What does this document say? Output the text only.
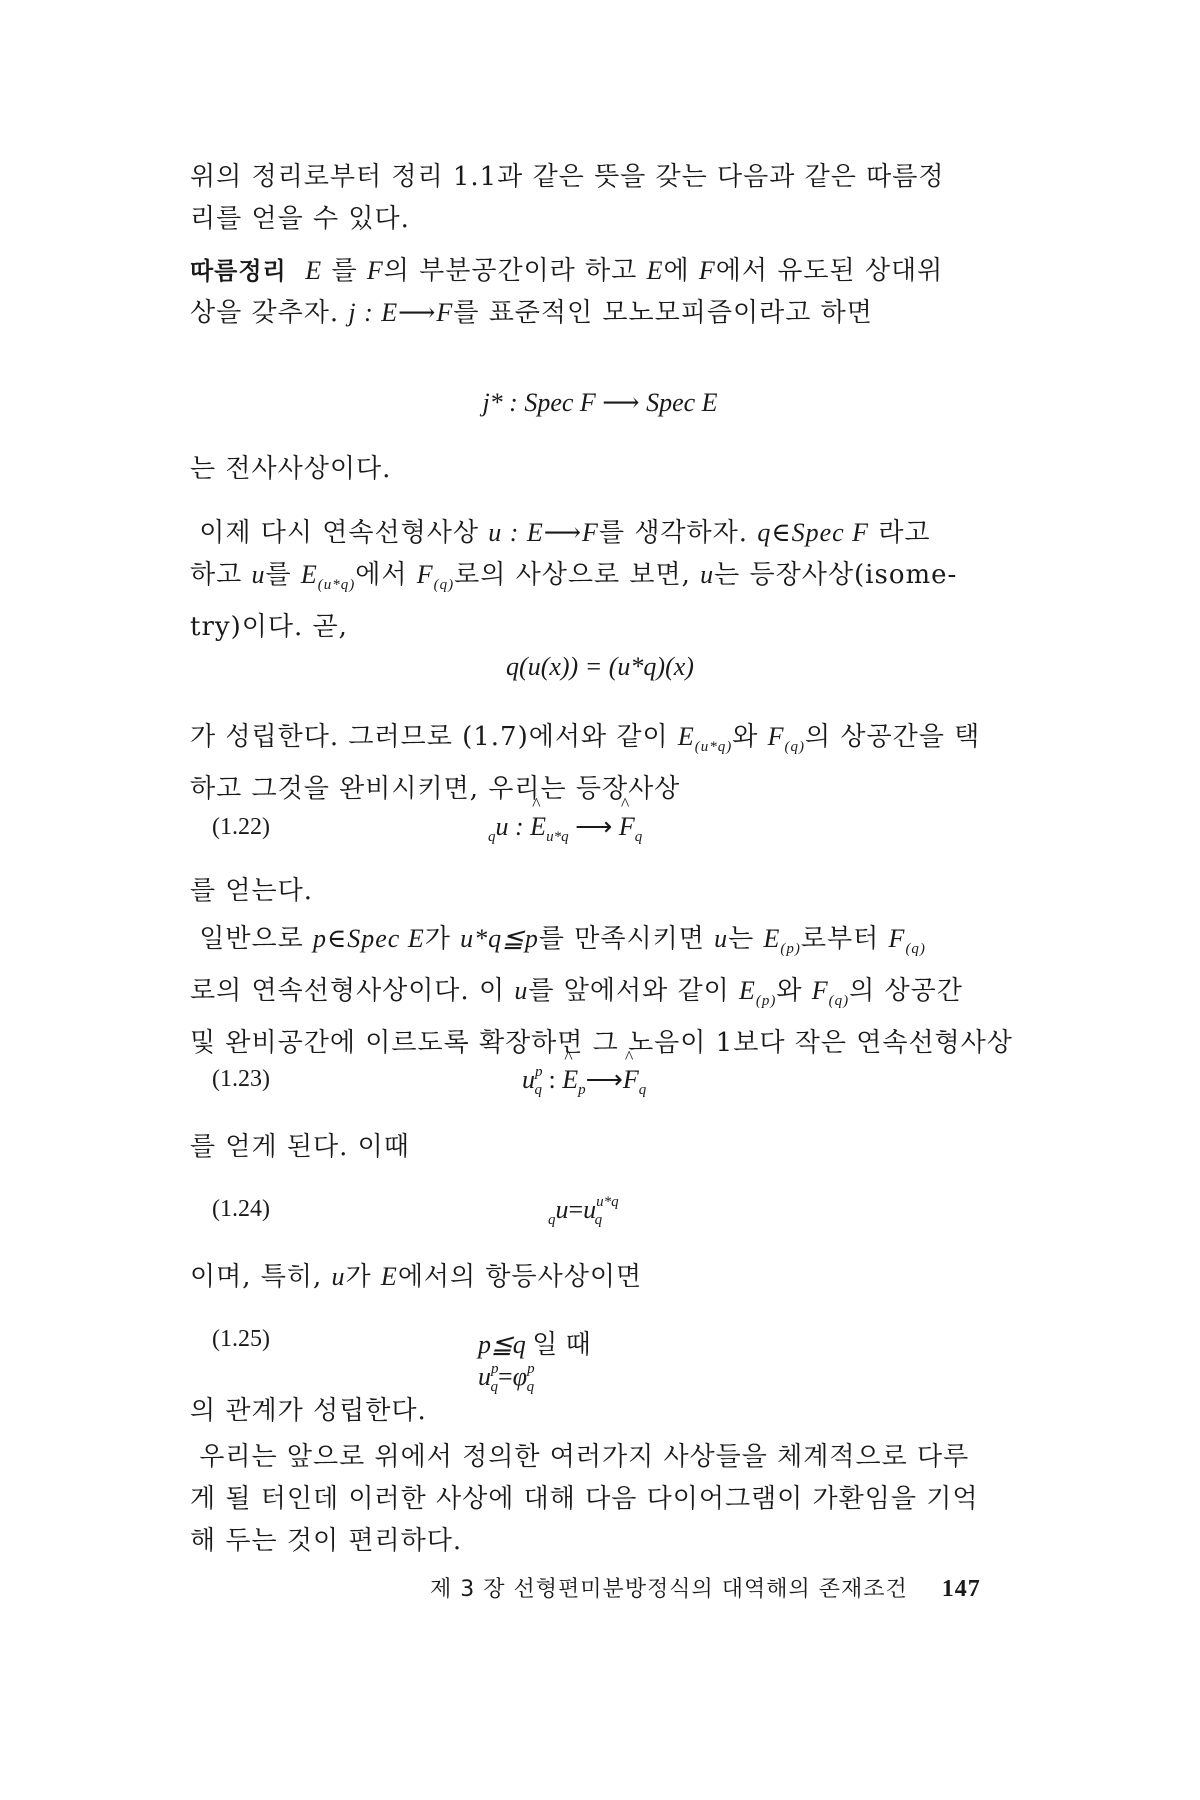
위의 정리로부터 정리 1.1과 같은 뜻을 갖는 다음과 같은 따름정
리를 얻을 수 있다.
따름정리 E 를 F의 부분공간이라 하고 E에 F에서 유도된 상대위
상을 갖추자. j : E⟶F를 표준적인 모노모피즘이라고 하면
j* : Spec F ⟶ Spec E
는 전사사상이다.
이제 다시 연속선형사상 u : E⟶F를 생각하자. q∈Spec F 라고
하고 u를 $E_{(u*q)}$에서 $F_{(q)}$로의 사상으로 보면, u는 등장사상(isome-
try)이다. 곧,
q(u(x)) = (u*q)(x)
가 성립한다. 그러므로 (1.7)에서와 같이 $E_{(u*q)}$와 $F_{(q)}$의 상공간을 택
하고 그것을 완비시키면, 우리는 등장사상
(1.22)	$_q$u : ^ $E_{u*q}$ ⟶ ^ $F_q$
를 얻는다.
일반으로 p∈Spec E가 u*q≦p를 만족시키면 u는 $E_{(p)}$로부터 $F_{(q)}$
로의 연속선형사상이다. 이 u를 앞에서와 같이 $E_{(p)}$와 $F_{(q)}$의 상공간
및 완비공간에 이르도록 확장하면 그 노음이 1보다 작은 연속선형사상
(1.23)	$u^p_q$ : ^ $E_p⟶\^{}$ $F_q$
를 얻게 된다. 이때
(1.24)	$_qu=u^{u*q}_q$
이며, 특히, u가 E에서의 항등사상이면
(1.25)	p≦q 일 때   $u^p_q=\varphi^p_q$
의 관계가 성립한다.
우리는 앞으로 위에서 정의한 여러가지 사상들을 체계적으로 다루
게 될 터인데 이러한 사상에 대해 다음 다이어그램이 가환임을 기억
해 두는 것이 편리하다.
제 3 장 선형편미분방정식의 대역해의 존재조건 147
